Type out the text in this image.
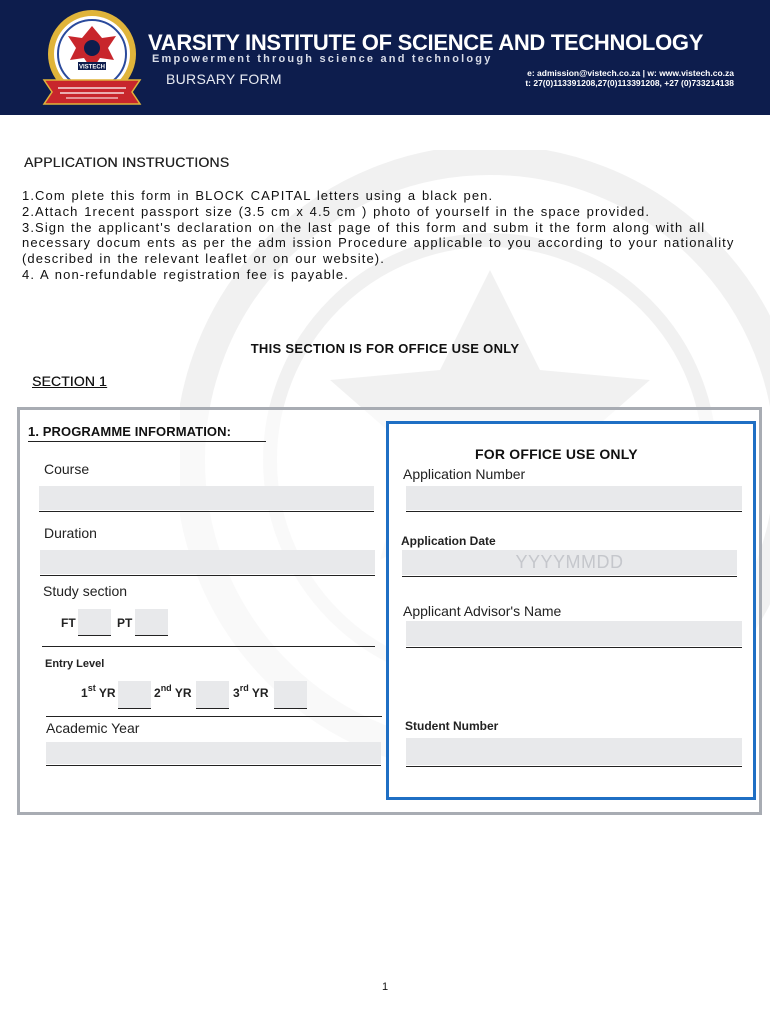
VISTECH
VARSITY INSTITUTE OF SCIENCE AND TECHNOLOGY
Empowerment through science and technology
BURSARY FORM	e: admission@vistech.co.za | w: www.vistech.co.za
t: 27(0)113391208,27(0)113391208, +27 (0)733214138
APPLICATION INSTRUCTIONS

1.Com plete this form in BLOCK CAPITAL letters using a black pen.

2.Attach 1recent passport size (3.5 cm x 4.5 cm ) photo of yourself in the space provided.

3.Sign the applicant's declaration on the last page of this form and subm it the form along with all necessary docum ents as per the adm ission Procedure applicable to you according to your nationality

(described in the relevant leaflet or on our website).

4. A non-refundable registration fee is payable.

THIS SECTION IS FOR OFFICE USE ONLY
SECTION 1
1. PROGRAMME INFORMATION:
Course
Duration
Study section
FT	PT
Entry Level
1st YR	2nd YR	3rd YR
Academic Year
FOR OFFICE USE ONLY
Application Number
Application Date
YYYYMMDD
Applicant Advisor's Name
Student Number
1
